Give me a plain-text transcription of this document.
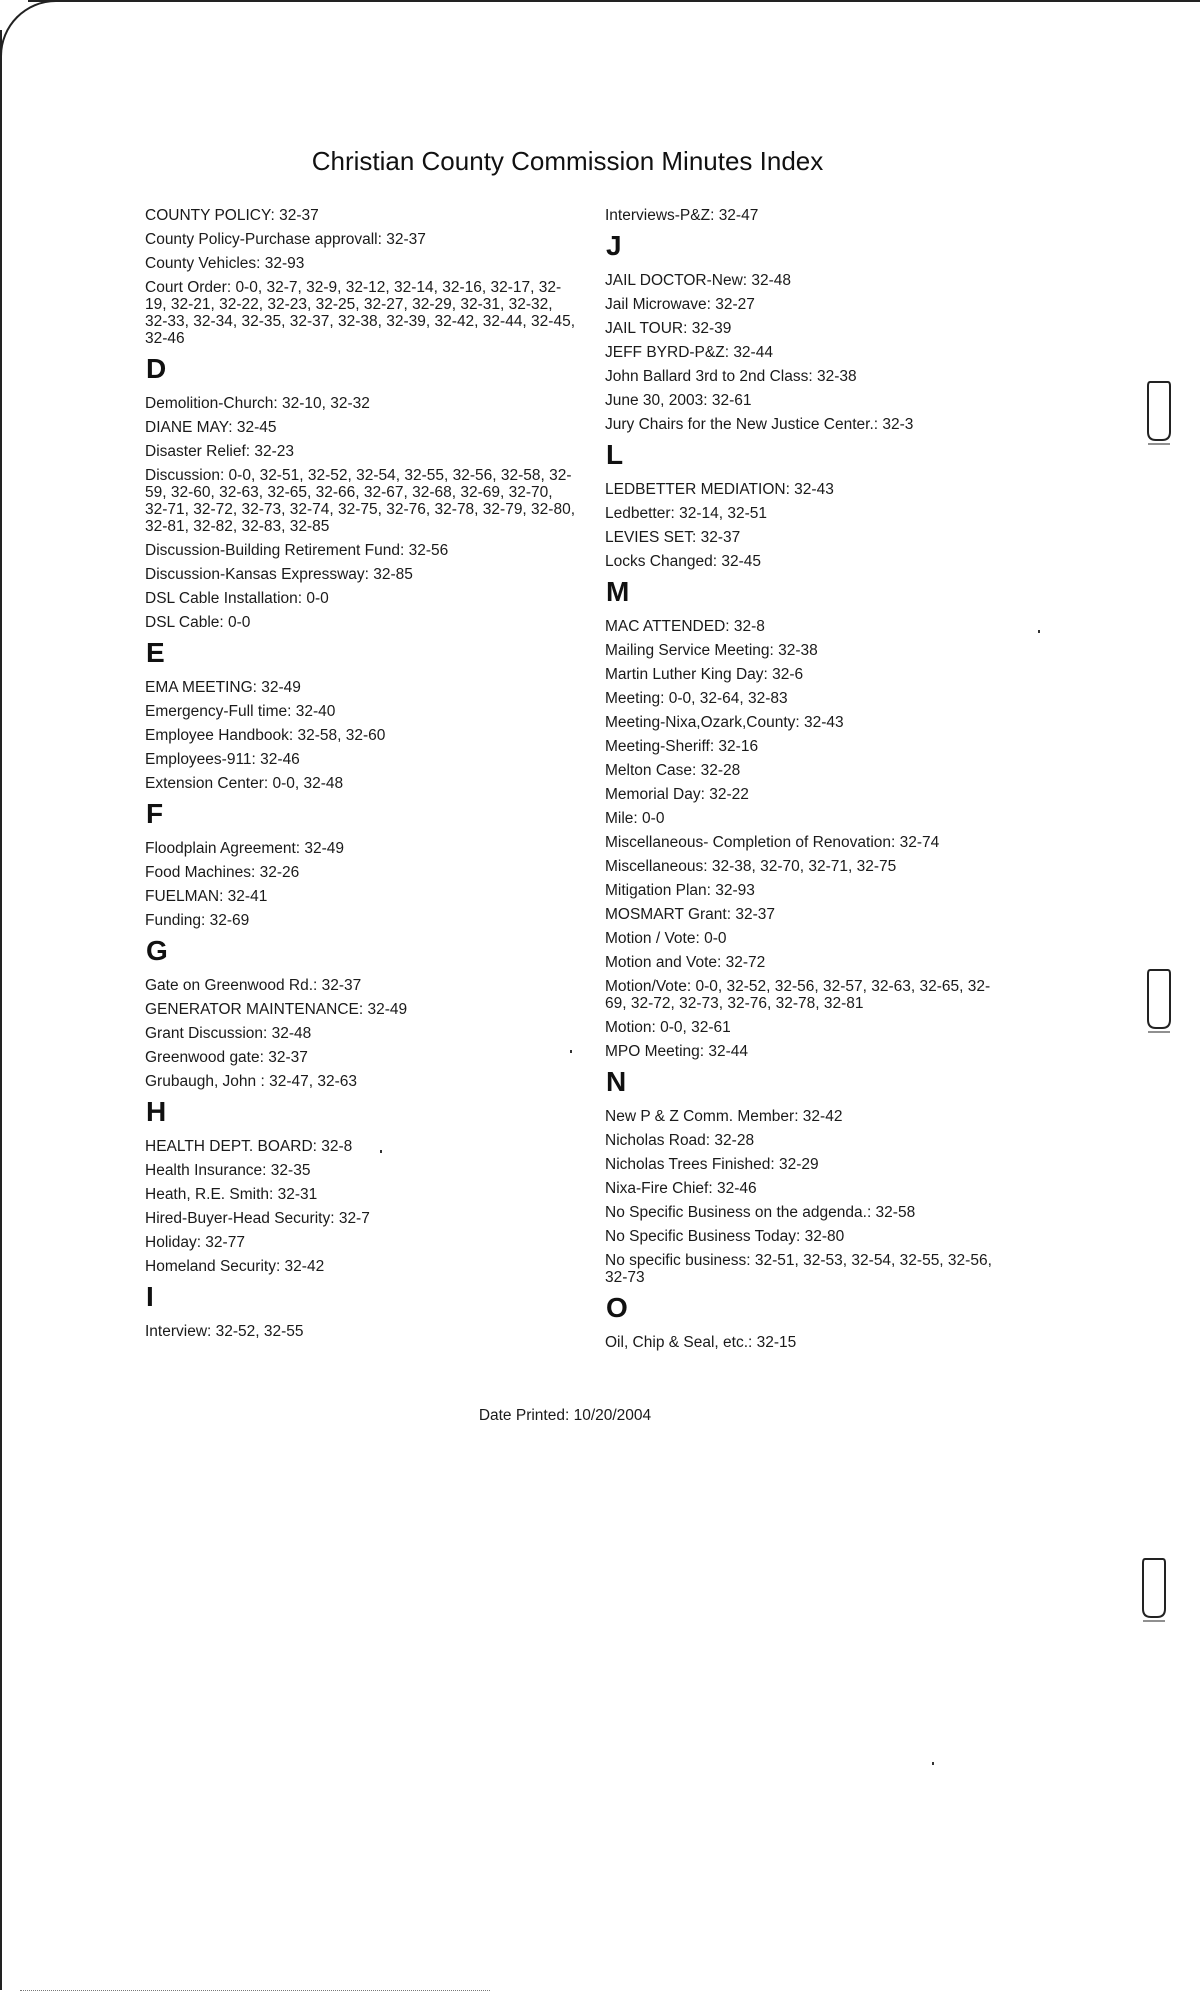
Christian County Commission Minutes Index
COUNTY POLICY: 32-37
County Policy-Purchase approvall: 32-37
County Vehicles: 32-93
Court Order: 0-0, 32-7, 32-9, 32-12, 32-14, 32-16, 32-17, 32-19, 32-21, 32-22, 32-23, 32-25, 32-27, 32-29, 32-31, 32-32, 32-33, 32-34, 32-35, 32-37, 32-38, 32-39, 32-42, 32-44, 32-45, 32-46
D
Demolition-Church: 32-10, 32-32
DIANE MAY: 32-45
Disaster Relief: 32-23
Discussion: 0-0, 32-51, 32-52, 32-54, 32-55, 32-56, 32-58, 32-59, 32-60, 32-63, 32-65, 32-66, 32-67, 32-68, 32-69, 32-70, 32-71, 32-72, 32-73, 32-74, 32-75, 32-76, 32-78, 32-79, 32-80, 32-81, 32-82, 32-83, 32-85
Discussion-Building Retirement Fund: 32-56
Discussion-Kansas Expressway: 32-85
DSL Cable Installation: 0-0
DSL Cable: 0-0
E
EMA MEETING: 32-49
Emergency-Full time: 32-40
Employee Handbook: 32-58, 32-60
Employees-911: 32-46
Extension Center: 0-0, 32-48
F
Floodplain Agreement: 32-49
Food Machines: 32-26
FUELMAN: 32-41
Funding: 32-69
G
Gate on Greenwood Rd.: 32-37
GENERATOR MAINTENANCE: 32-49
Grant Discussion: 32-48
Greenwood gate: 32-37
Grubaugh, John : 32-47, 32-63
H
HEALTH DEPT. BOARD: 32-8
Health Insurance: 32-35
Heath, R.E. Smith: 32-31
Hired-Buyer-Head Security: 32-7
Holiday: 32-77
Homeland Security: 32-42
I
Interview: 32-52, 32-55
Interviews-P&Z: 32-47
J
JAIL DOCTOR-New: 32-48
Jail Microwave: 32-27
JAIL TOUR: 32-39
JEFF BYRD-P&Z: 32-44
John Ballard 3rd to 2nd Class: 32-38
June 30, 2003: 32-61
Jury Chairs for the New Justice Center.: 32-3
L
LEDBETTER MEDIATION: 32-43
Ledbetter: 32-14, 32-51
LEVIES SET: 32-37
Locks Changed: 32-45
M
MAC ATTENDED: 32-8
Mailing Service Meeting: 32-38
Martin Luther King Day: 32-6
Meeting: 0-0, 32-64, 32-83
Meeting-Nixa,Ozark,County: 32-43
Meeting-Sheriff: 32-16
Melton Case: 32-28
Memorial Day: 32-22
Mile: 0-0
Miscellaneous- Completion of Renovation: 32-74
Miscellaneous: 32-38, 32-70, 32-71, 32-75
Mitigation Plan: 32-93
MOSMART Grant: 32-37
Motion / Vote: 0-0
Motion and Vote: 32-72
Motion/Vote: 0-0, 32-52, 32-56, 32-57, 32-63, 32-65, 32-69, 32-72, 32-73, 32-76, 32-78, 32-81
Motion: 0-0, 32-61
MPO Meeting: 32-44
N
New P & Z Comm. Member: 32-42
Nicholas Road: 32-28
Nicholas Trees Finished: 32-29
Nixa-Fire Chief: 32-46
No Specific Business on the adgenda.: 32-58
No Specific Business Today: 32-80
No specific business: 32-51, 32-53, 32-54, 32-55, 32-56, 32-73
O
Oil, Chip & Seal, etc.: 32-15
Date Printed: 10/20/2004
